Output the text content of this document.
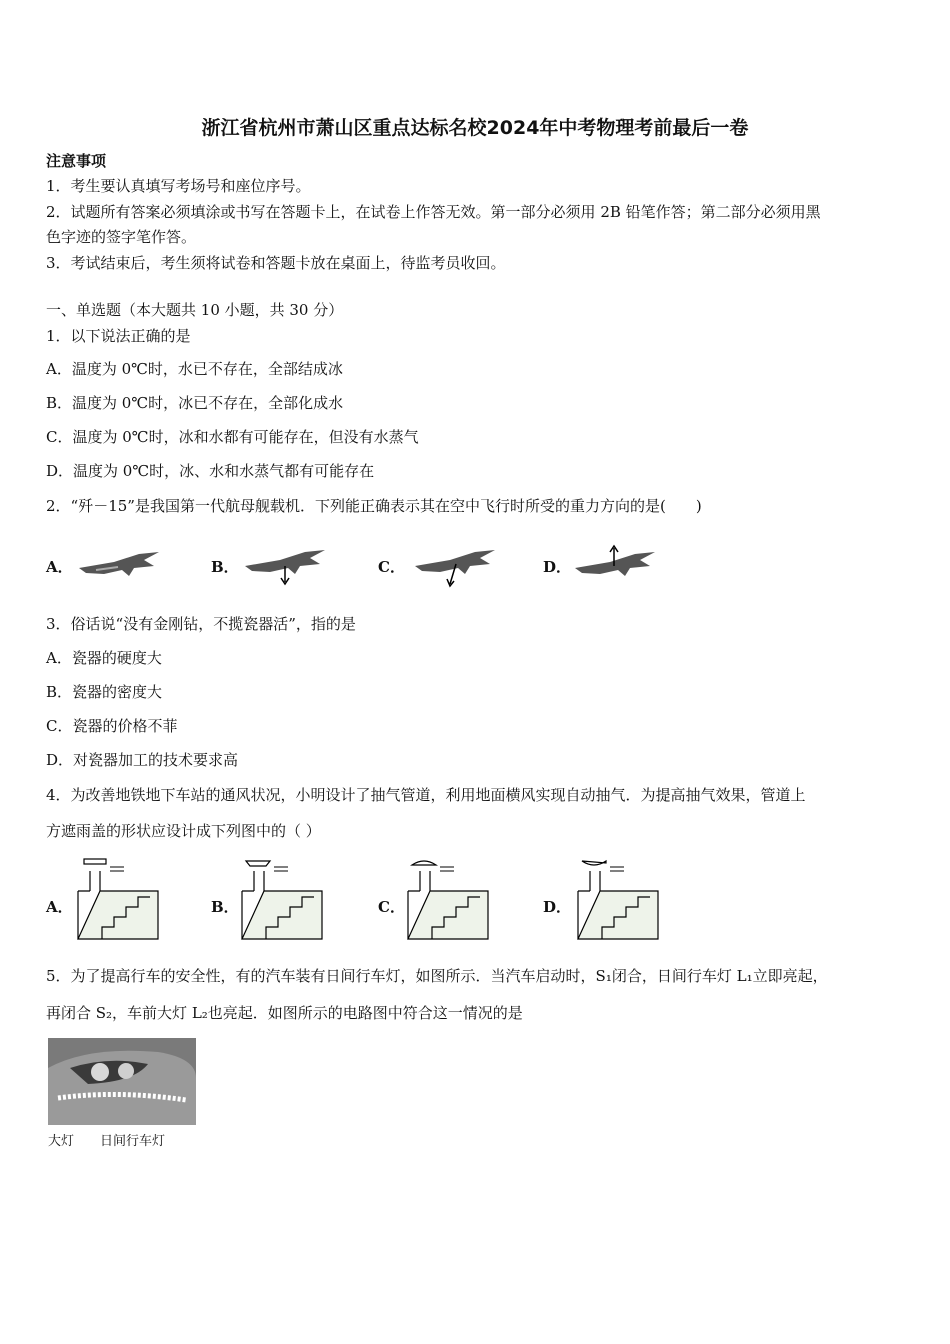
浙江省杭州市萧山区重点达标名校2024年中考物理考前最后一卷
注意事项
1．考生要认真填写考场号和座位序号。
2．试题所有答案必须填涂或书写在答题卡上，在试卷上作答无效。第一部分必须用 2B 铅笔作答；第二部分必须用黑
色字迹的签字笔作答。
3．考试结束后，考生须将试卷和答题卡放在桌面上，待监考员收回。
一、单选题（本大题共 10 小题，共 30 分）
1．以下说法正确的是
A．温度为 0℃时，水已不存在，全部结成冰
B．温度为 0℃时，冰已不存在，全部化成水
C．温度为 0℃时，冰和水都有可能存在，但没有水蒸气
D．温度为 0℃时，冰、水和水蒸气都有可能存在
2．“歼－15”是我国第一代航母舰载机．下列能正确表示其在空中飞行时所受的重力方向的是(　　)
A．	B．	C．	D．
3．俗话说“没有金刚钻，不揽瓷器活”，指的是
A．瓷器的硬度大
B．瓷器的密度大
C．瓷器的价格不菲
D．对瓷器加工的技术要求高
4．为改善地铁地下车站的通风状况，小明设计了抽气管道，利用地面横风实现自动抽气．为提高抽气效果，管道上
方遮雨盖的形状应设计成下列图中的（ ）
A．	B．	C．	D．
5．为了提高行车的安全性，有的汽车装有日间行车灯，如图所示．当汽车启动时，S₁闭合，日间行车灯 L₁立即亮起，
再闭合 S₂，车前大灯 L₂也亮起．如图所示的电路图中符合这一情况的是
大灯 日间行车灯
